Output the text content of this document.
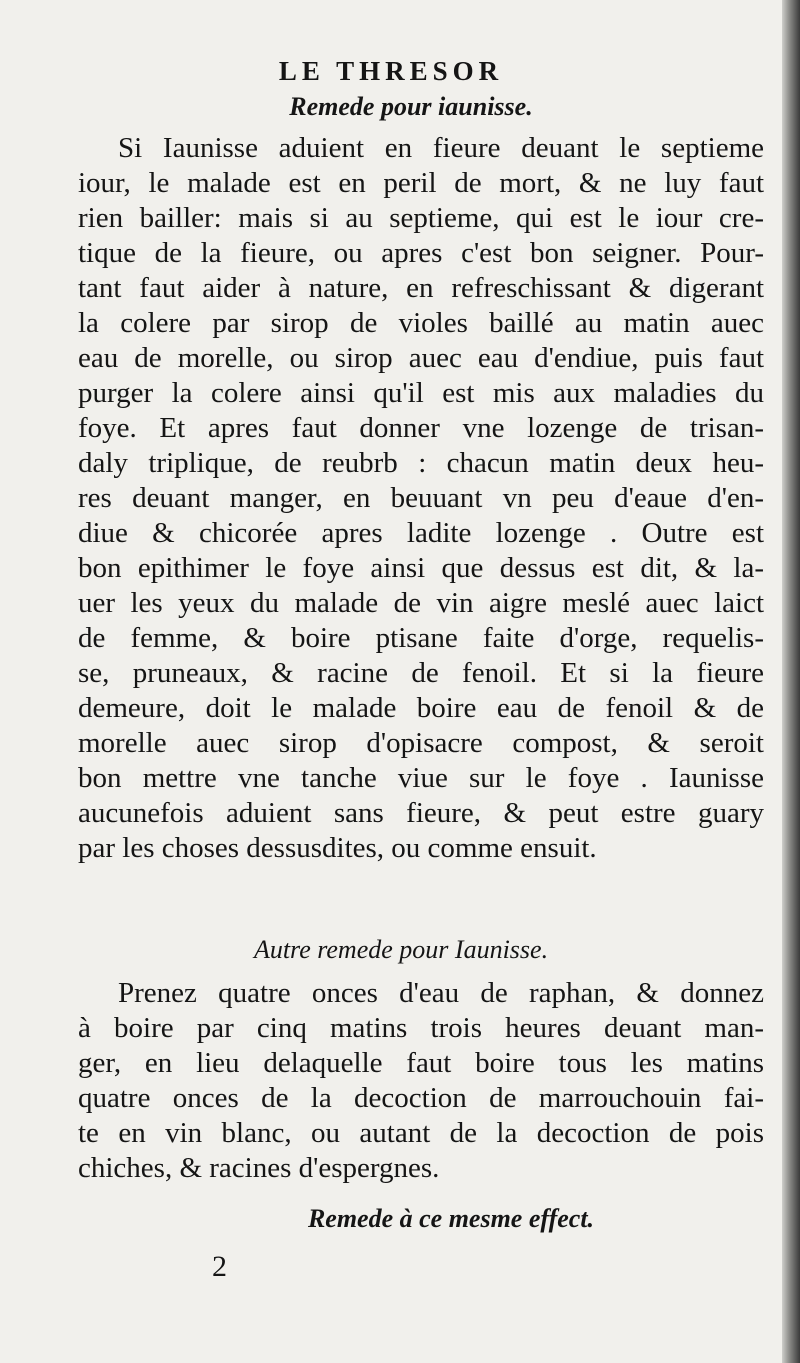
LE THRESOR
Remede pour iaunisse.
Si Iaunisse aduient en fieure deuant le septieme
iour, le malade est en peril de mort, & ne luy faut
rien bailler: mais si au septieme, qui est le iour cre-
tique de la fieure, ou apres c'est bon seigner. Pour-
tant faut aider à nature, en refreschissant & digerant
la colere par sirop de violes baillé au matin auec
eau de morelle, ou sirop auec eau d'endiue, puis faut
purger la colere ainsi qu'il est mis aux maladies du
foye. Et apres faut donner vne lozenge de trisan-
daly triplique, de reubrb : chacun matin deux heu-
res deuant manger, en beuuant vn peu d'eaue d'en-
diue & chicorée apres ladite lozenge . Outre est
bon epithimer le foye ainsi que dessus est dit, & la-
uer les yeux du malade de vin aigre meslé auec laict
de femme, & boire ptisane faite d'orge, requelis-
se, pruneaux, & racine de fenoil. Et si la fieure
demeure, doit le malade boire eau de fenoil & de
morelle auec sirop d'opisacre compost, & seroit
bon mettre vne tanche viue sur le foye . Iaunisse
aucunefois aduient sans fieure, & peut estre guary
par les choses dessusdites, ou comme ensuit.
Autre remede pour Iaunisse.
Prenez quatre onces d'eau de raphan, & donnez
à boire par cinq matins trois heures deuant man-
ger, en lieu delaquelle faut boire tous les matins
quatre onces de la decoction de marrouchouin fai-
te en vin blanc, ou autant de la decoction de pois
chiches, & racines d'espergnes.
Remede à ce mesme effect.
2
